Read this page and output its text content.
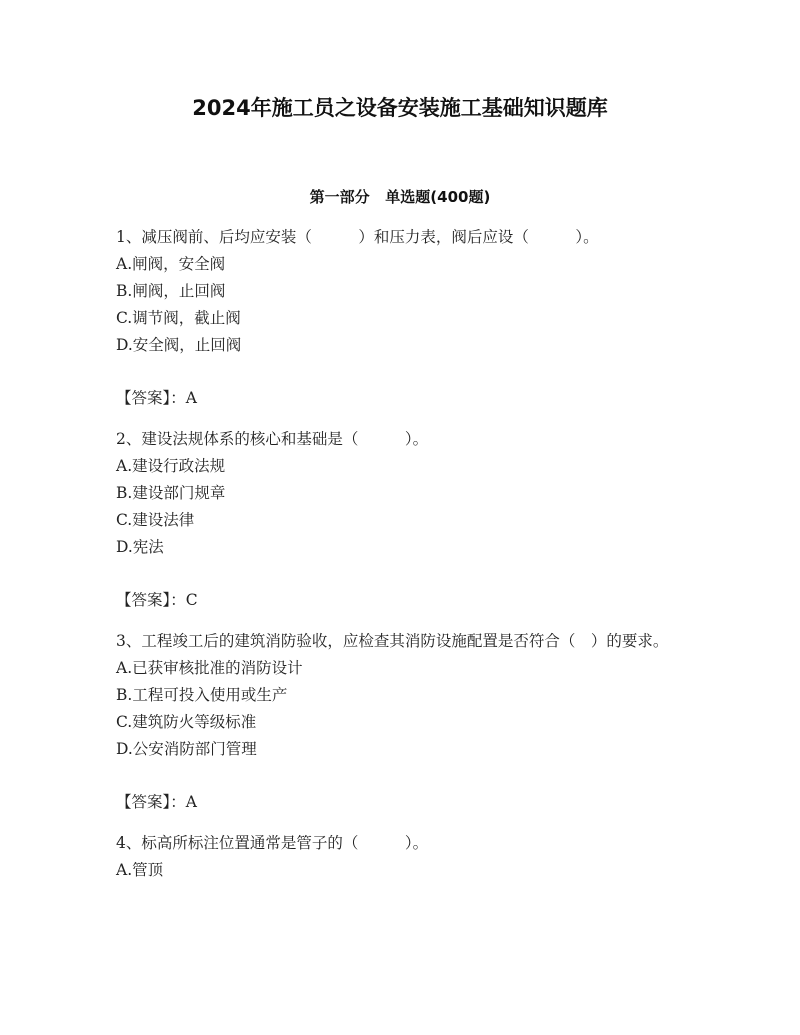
2024年施工员之设备安装施工基础知识题库
第一部分   单选题(400题)

1、减压阀前、后均应安装（　　　）和压力表，阀后应设（　　　）。

A.闸阀，安全阀

B.闸阀，止回阀

C.调节阀，截止阀

D.安全阀，止回阀

【答案】：A

2、建设法规体系的核心和基础是（　　　）。

A.建设行政法规

B.建设部门规章

C.建设法律

D.宪法

【答案】：C

3、工程竣工后的建筑消防验收，应检查其消防设施配置是否符合（　）的要求。

A.已获审核批准的消防设计

B.工程可投入使用或生产

C.建筑防火等级标准

D.公安消防部门管理

【答案】：A

4、标高所标注位置通常是管子的（　　　）。

A.管顶
